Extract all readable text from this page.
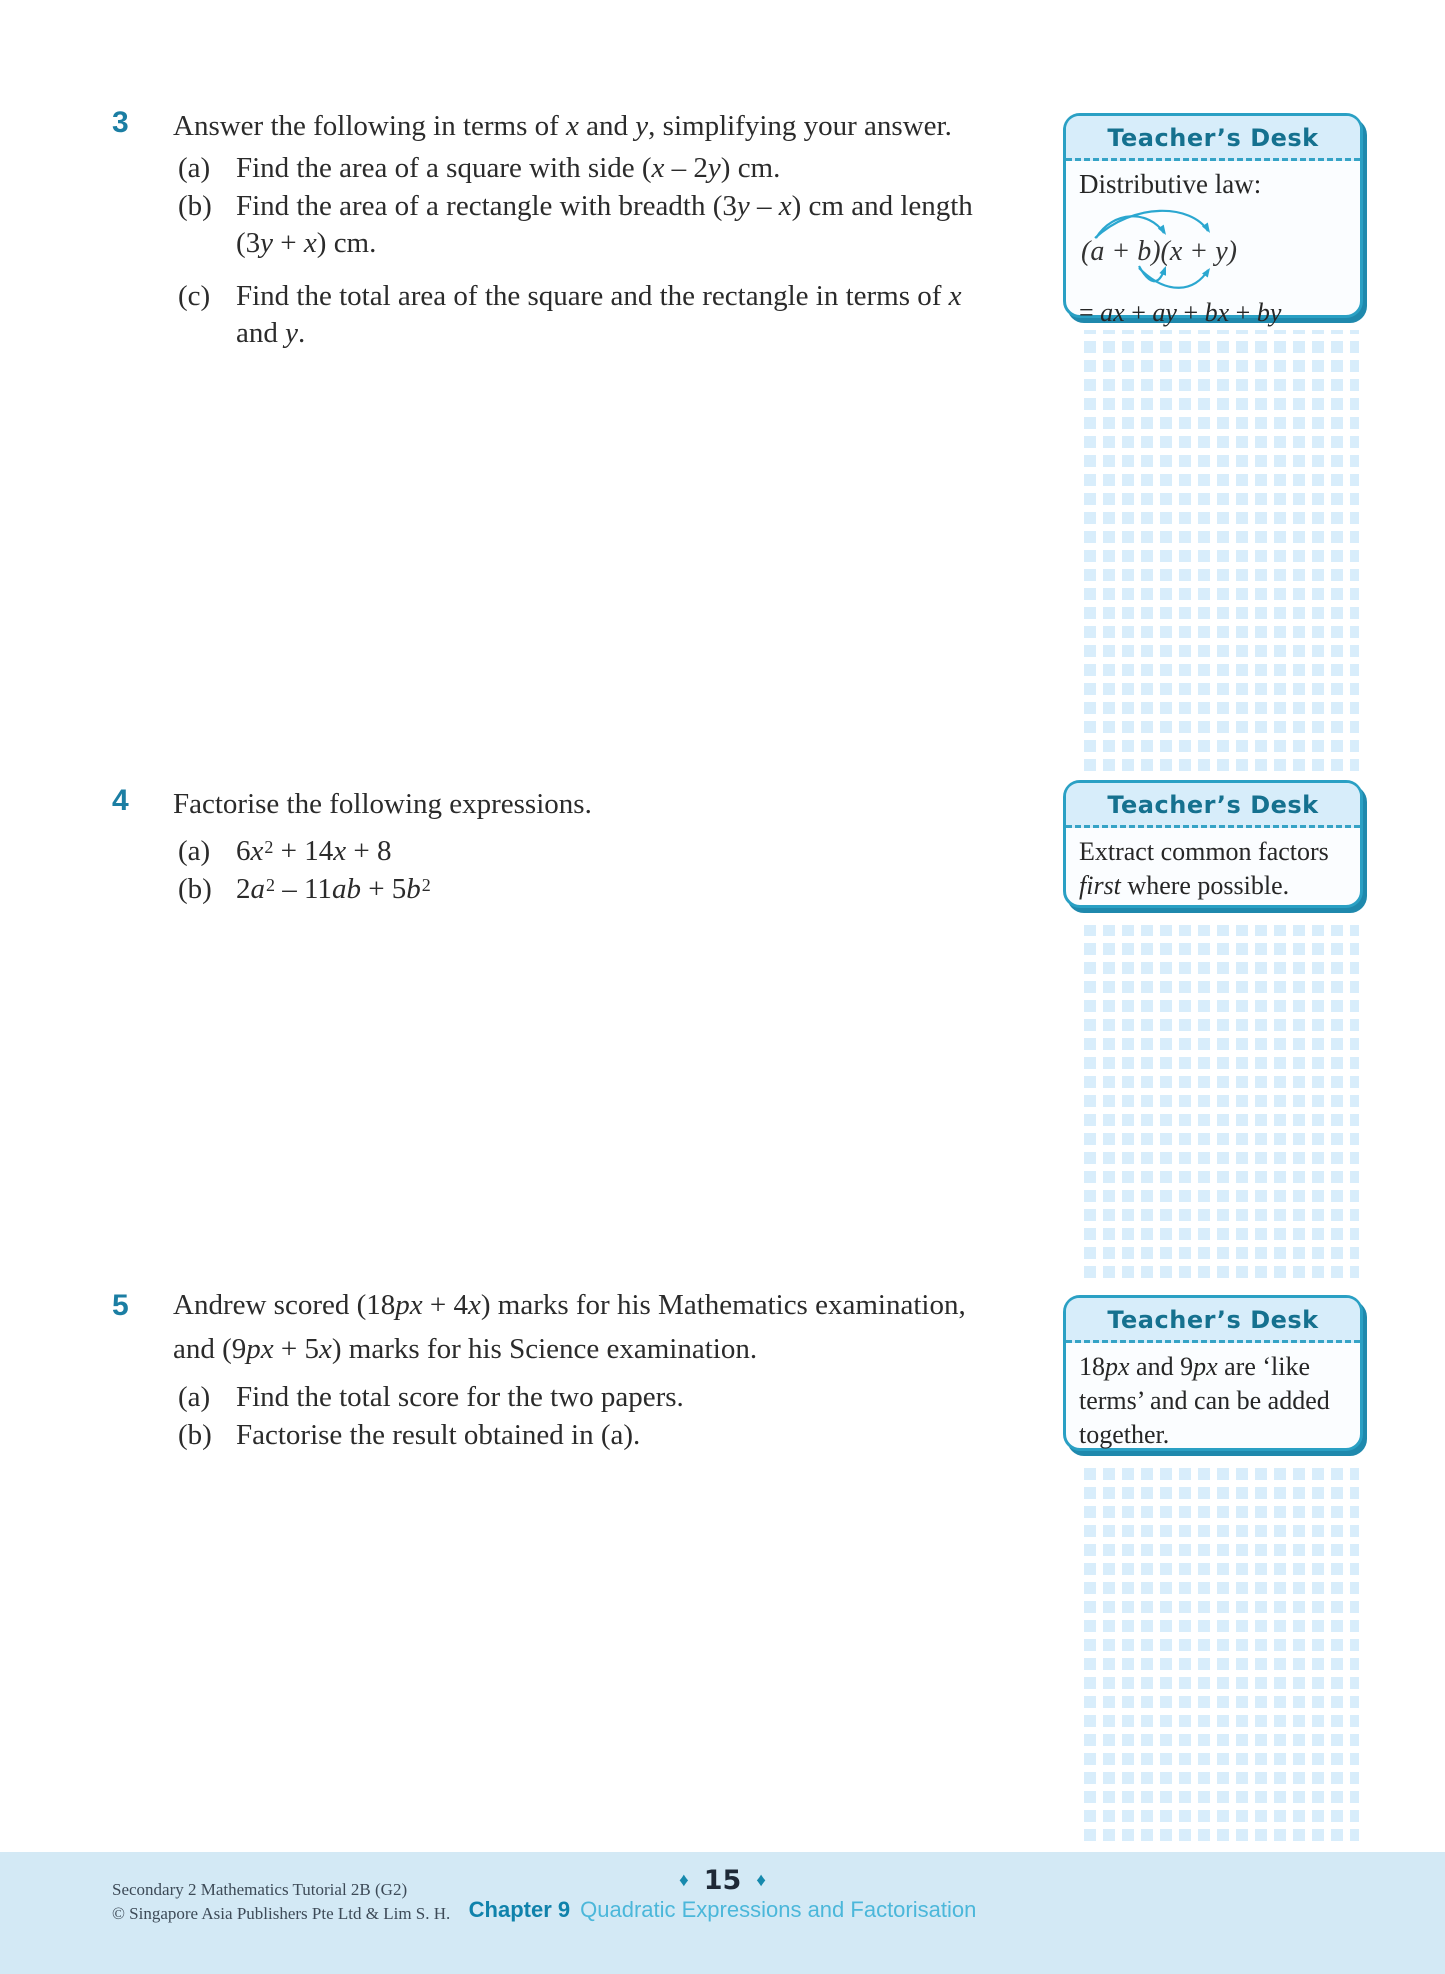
3 Answer the following in terms of x and y, simplifying your answer.

(a) Find the area of a square with side (x – 2y) cm.
(b) Find the area of a rectangle with breadth (3y – x) cm and length
(3y + x) cm.
(c) Find the total area of the square and the rectangle in terms of x
and y.
4 Factorise the following expressions.

(a) $6x^2 + 14x + 8$
(b) $2a^2 - 11ab + 5b^2$
5 Andrew scored (18px + 4x) marks for his Mathematics examination,
and (9px + 5x) marks for his Science examination.

(a) Find the total score for the two papers.
(b) Factorise the result obtained in (a).
Teacher’s Desk

Distributive law:

(a + b)(x + y)

= ax + ay + bx + by

Teacher’s Desk

Extract common factors first where possible.

Teacher’s Desk

18px and 9px are ‘like terms’ and can be added together.

Secondary 2 Mathematics Tutorial 2B (G2)

© Singapore Asia Publishers Pte Ltd & Lim S. H.

♦ 15 ♦
Chapter 9 Quadratic Expressions and Factorisation
